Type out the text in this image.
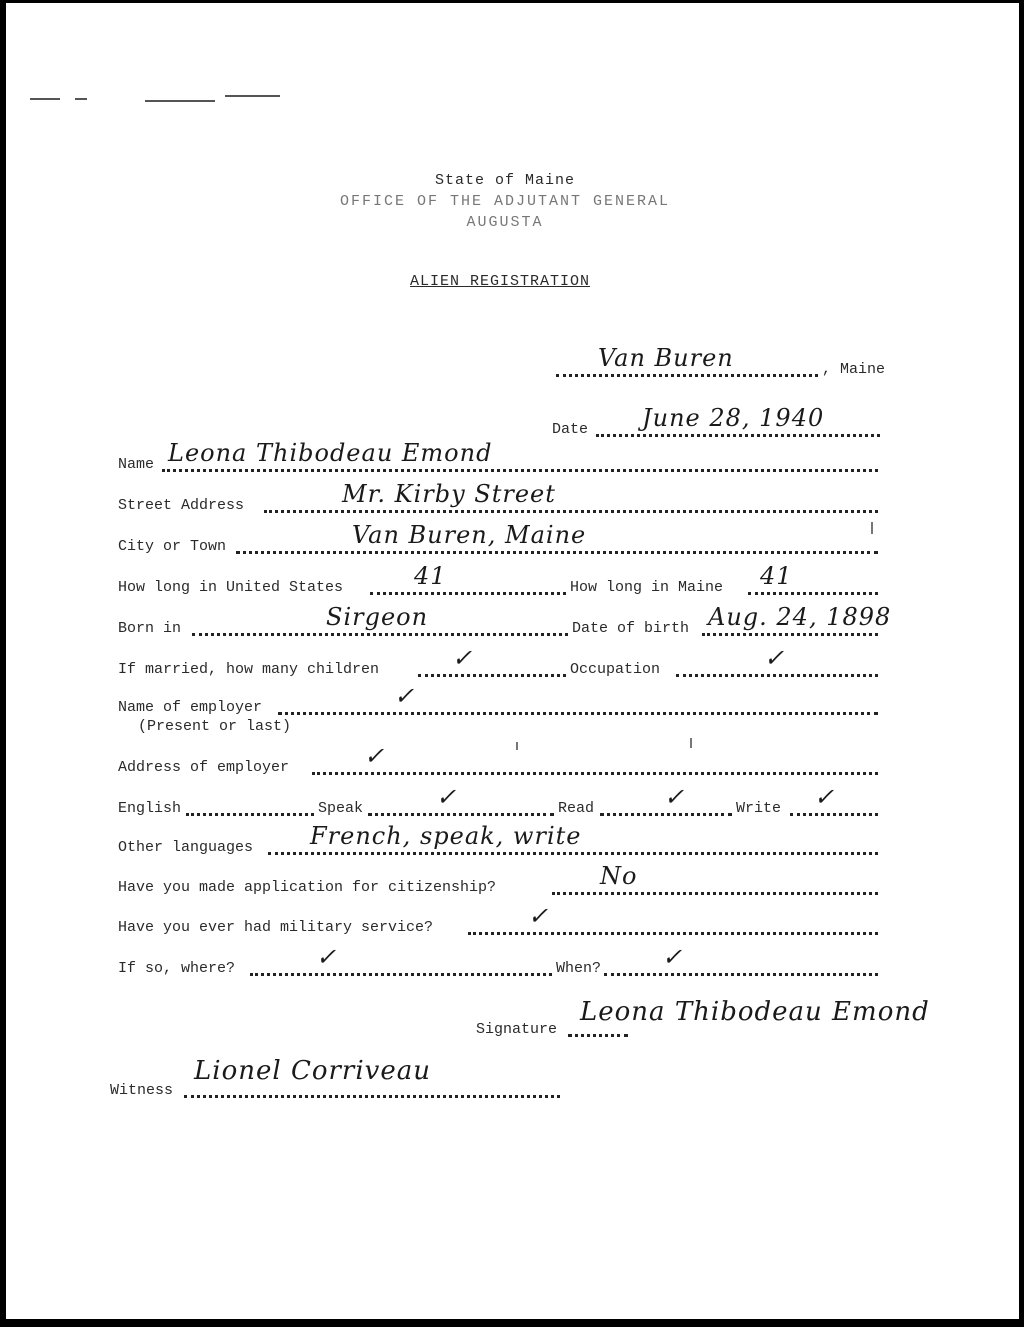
State of Maine
OFFICE OF THE ADJUTANT GENERAL
AUGUSTA
ALIEN REGISTRATION
Van Buren	, Maine
Date June 28, 1940
Name Leona Thibodeau Emond
Street Address	Mr. Kirby Street
City or Town	Van Buren, Maine
How long in United States	41	How long in Maine 41
Born in	Sirgeon	Date of birth Aug. 24, 1898
If married, how many children	✓	Occupation	✓
Name of employer	✓
(Present or last)
Address of employer	✓
English	Speak	✓	Read	✓	Write ✓
Other languages French, speak, write
Have you made application for citizenship?	No
Have you ever had military service?	✓
If so, where?	✓	When?	✓
Signature
Leona Thibodeau Emond
Witness
Lionel Corriveau
